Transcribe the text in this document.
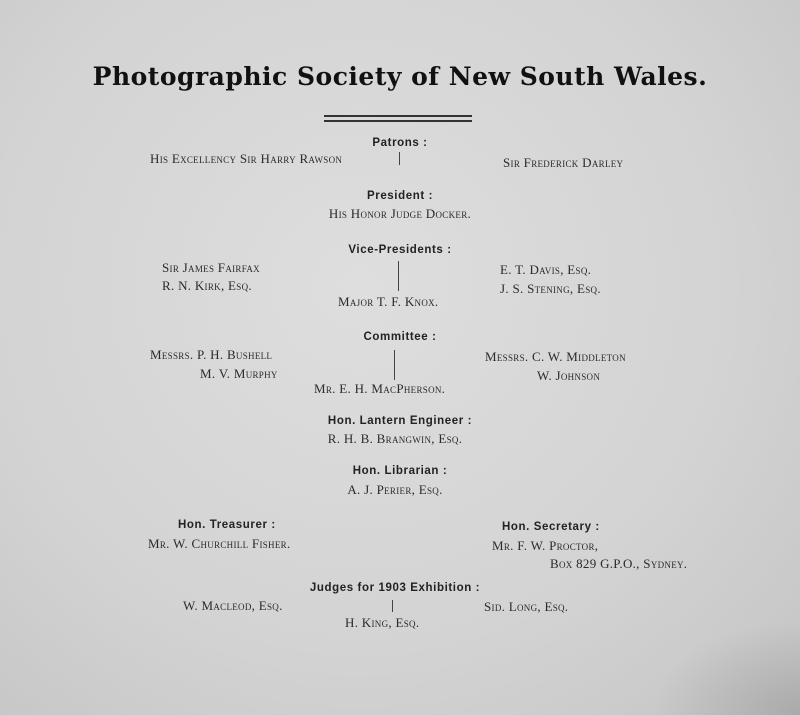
Photographic Society of New South Wales.
Patrons :
His Excellency Sir Harry Rawson	Sir Frederick Darley
President :
His Honor Judge Docker.
Vice-Presidents :
Sir James Fairfax
R. N. Kirk, Esq.
E. T. Davis, Esq.
J. S. Stening, Esq.
Major T. F. Knox.
Committee :
Messrs. P. H. Bushell
M. V. Murphy
Messrs. C. W. Middleton
W. Johnson
Mr. E. H. MacPherson.
Hon. Lantern Engineer :
R. H. B. Brangwin, Esq.
Hon. Librarian :
A. J. Perier, Esq.
Hon. Treasurer :
Mr. W. Churchill Fisher.
Hon. Secretary :
Mr. F. W. Proctor,
Box 829 G.P.O., Sydney.
Judges for 1903 Exhibition :
W. Macleod, Esq.	Sid. Long, Esq.
H. King, Esq.
